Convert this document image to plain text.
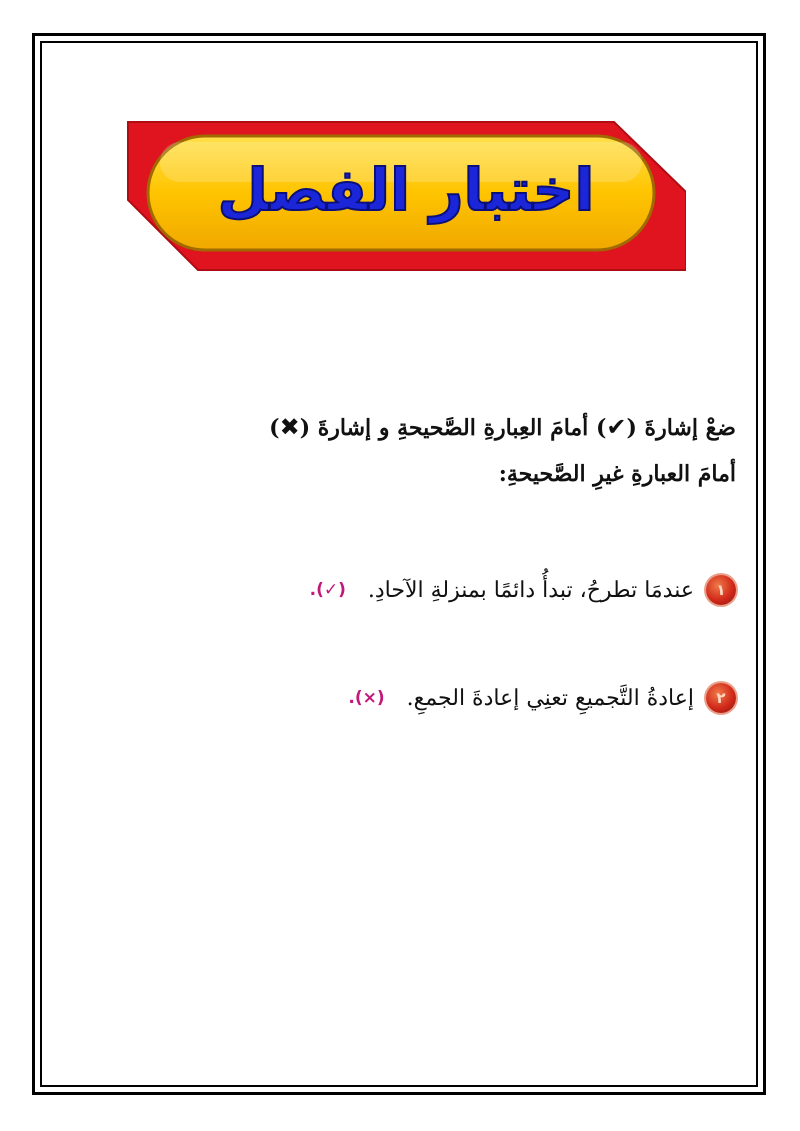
اختبار الفصل
ضعْ إشارةَ (✔) أمامَ العِبارةِ الصَّحيحةِ و إشارةَ (✖)
أمامَ العبارةِ غيرِ الصَّحيحةِ:
١
عندمَا تطرحُ، تبدأُ دائمًا بمنزلةِ الآحادِ.
(✓).
٢
إعادةُ التَّجميعِ تعنِي إعادةَ الجمعِ.
(×).
